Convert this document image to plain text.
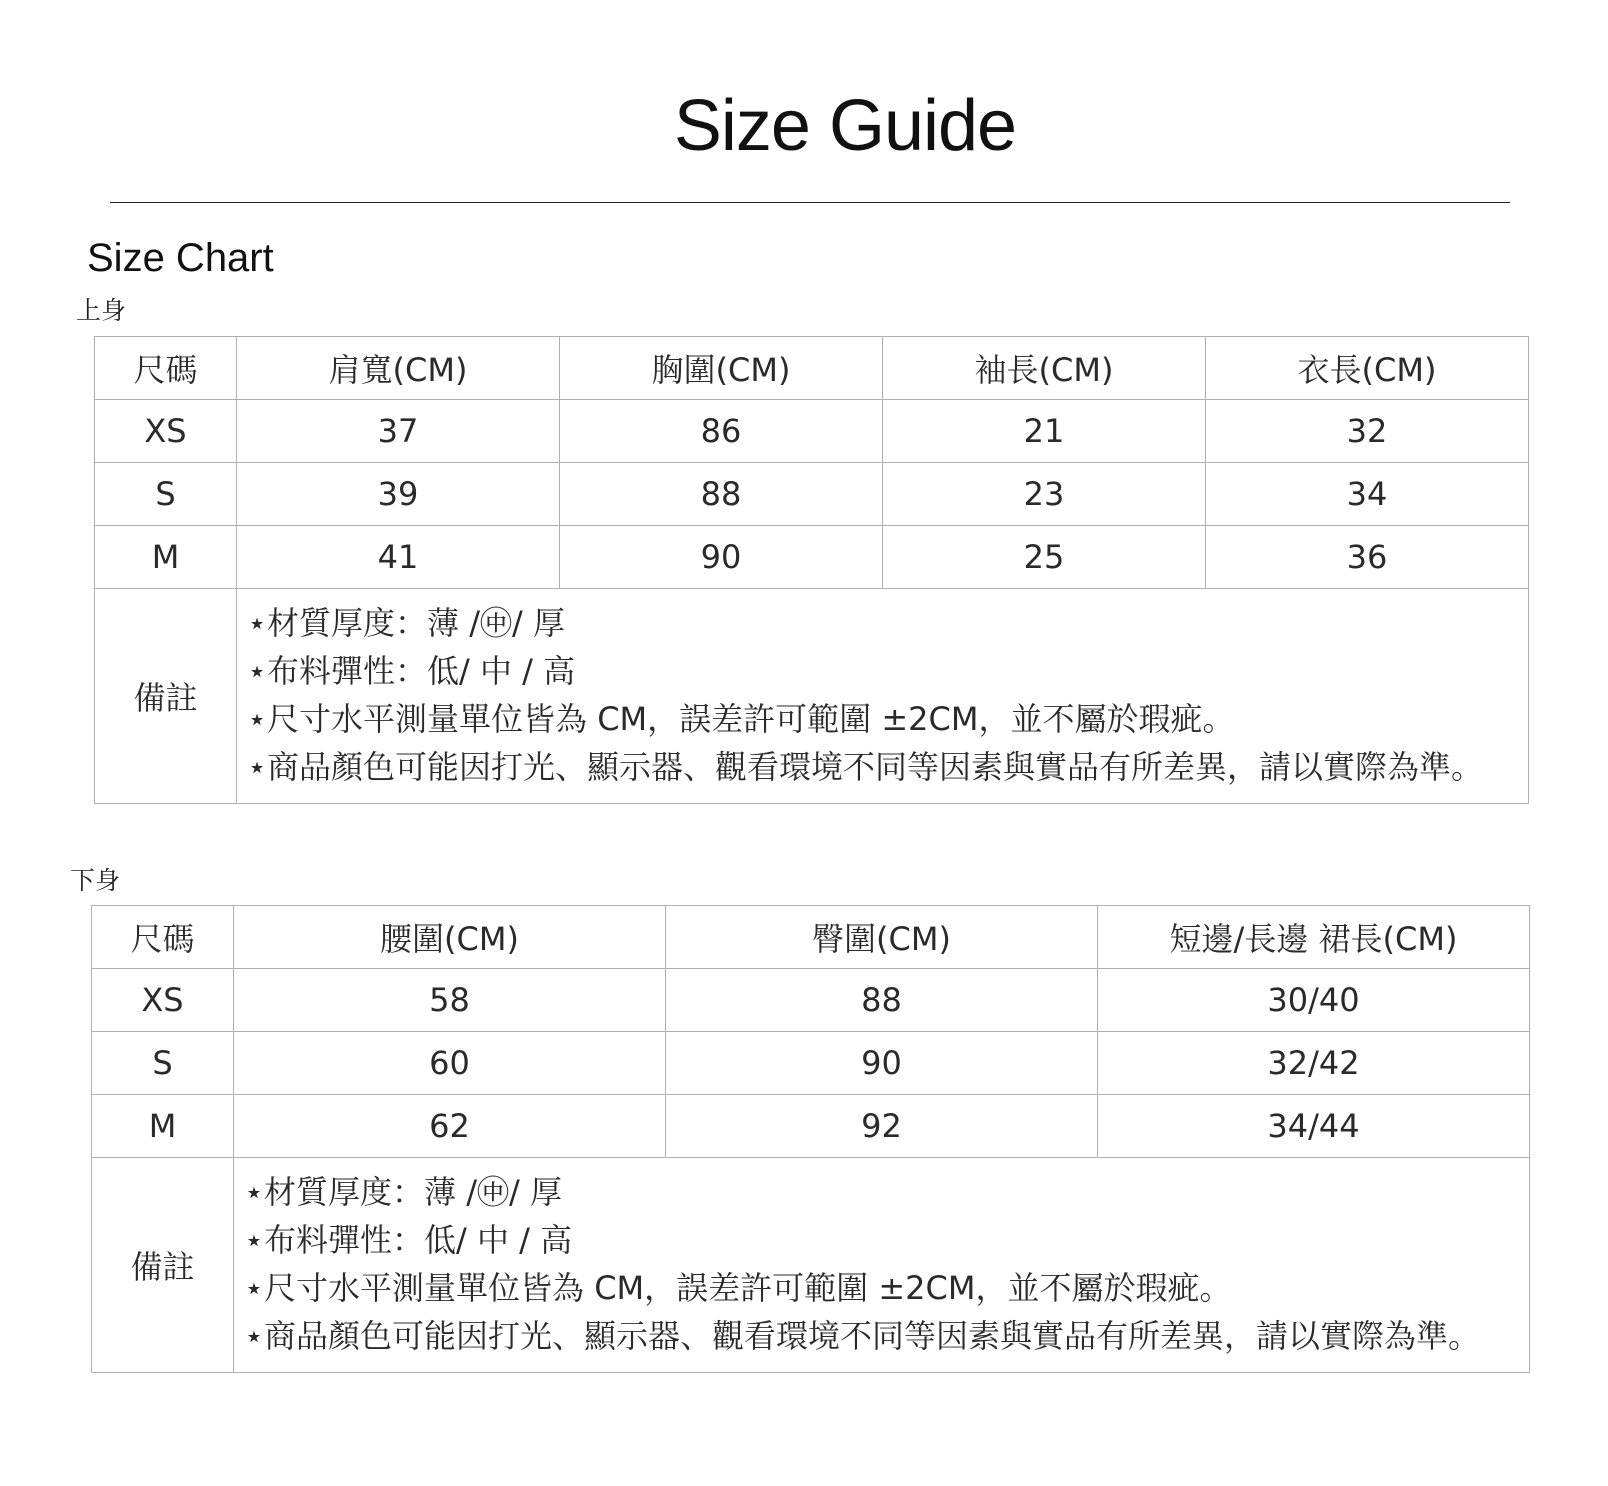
Size Guide
Size Chart
上身
尺碼	肩寬(CM)	胸圍(CM)	袖長(CM)	衣長(CM)
XS	37	86	21	32
S	39	88	23	34
M	41	90	25	36
備註	⋆材質厚度：薄 /㊥/ 厚
⋆布料彈性：低/ 中 / 高
⋆尺寸水平測量單位皆為 CM，誤差許可範圍 ±2CM，並不屬於瑕疵。
⋆商品顏色可能因打光、顯示器、觀看環境不同等因素與實品有所差異，請以實際為準。			
下身
尺碼	腰圍(CM)	臀圍(CM)	短邊/長邊 裙長(CM)
XS	58	88	30/40
S	60	90	32/42
M	62	92	34/44
備註	⋆材質厚度：薄 /㊥/ 厚
⋆布料彈性：低/ 中 / 高
⋆尺寸水平測量單位皆為 CM，誤差許可範圍 ±2CM，並不屬於瑕疵。
⋆商品顏色可能因打光、顯示器、觀看環境不同等因素與實品有所差異，請以實際為準。		
